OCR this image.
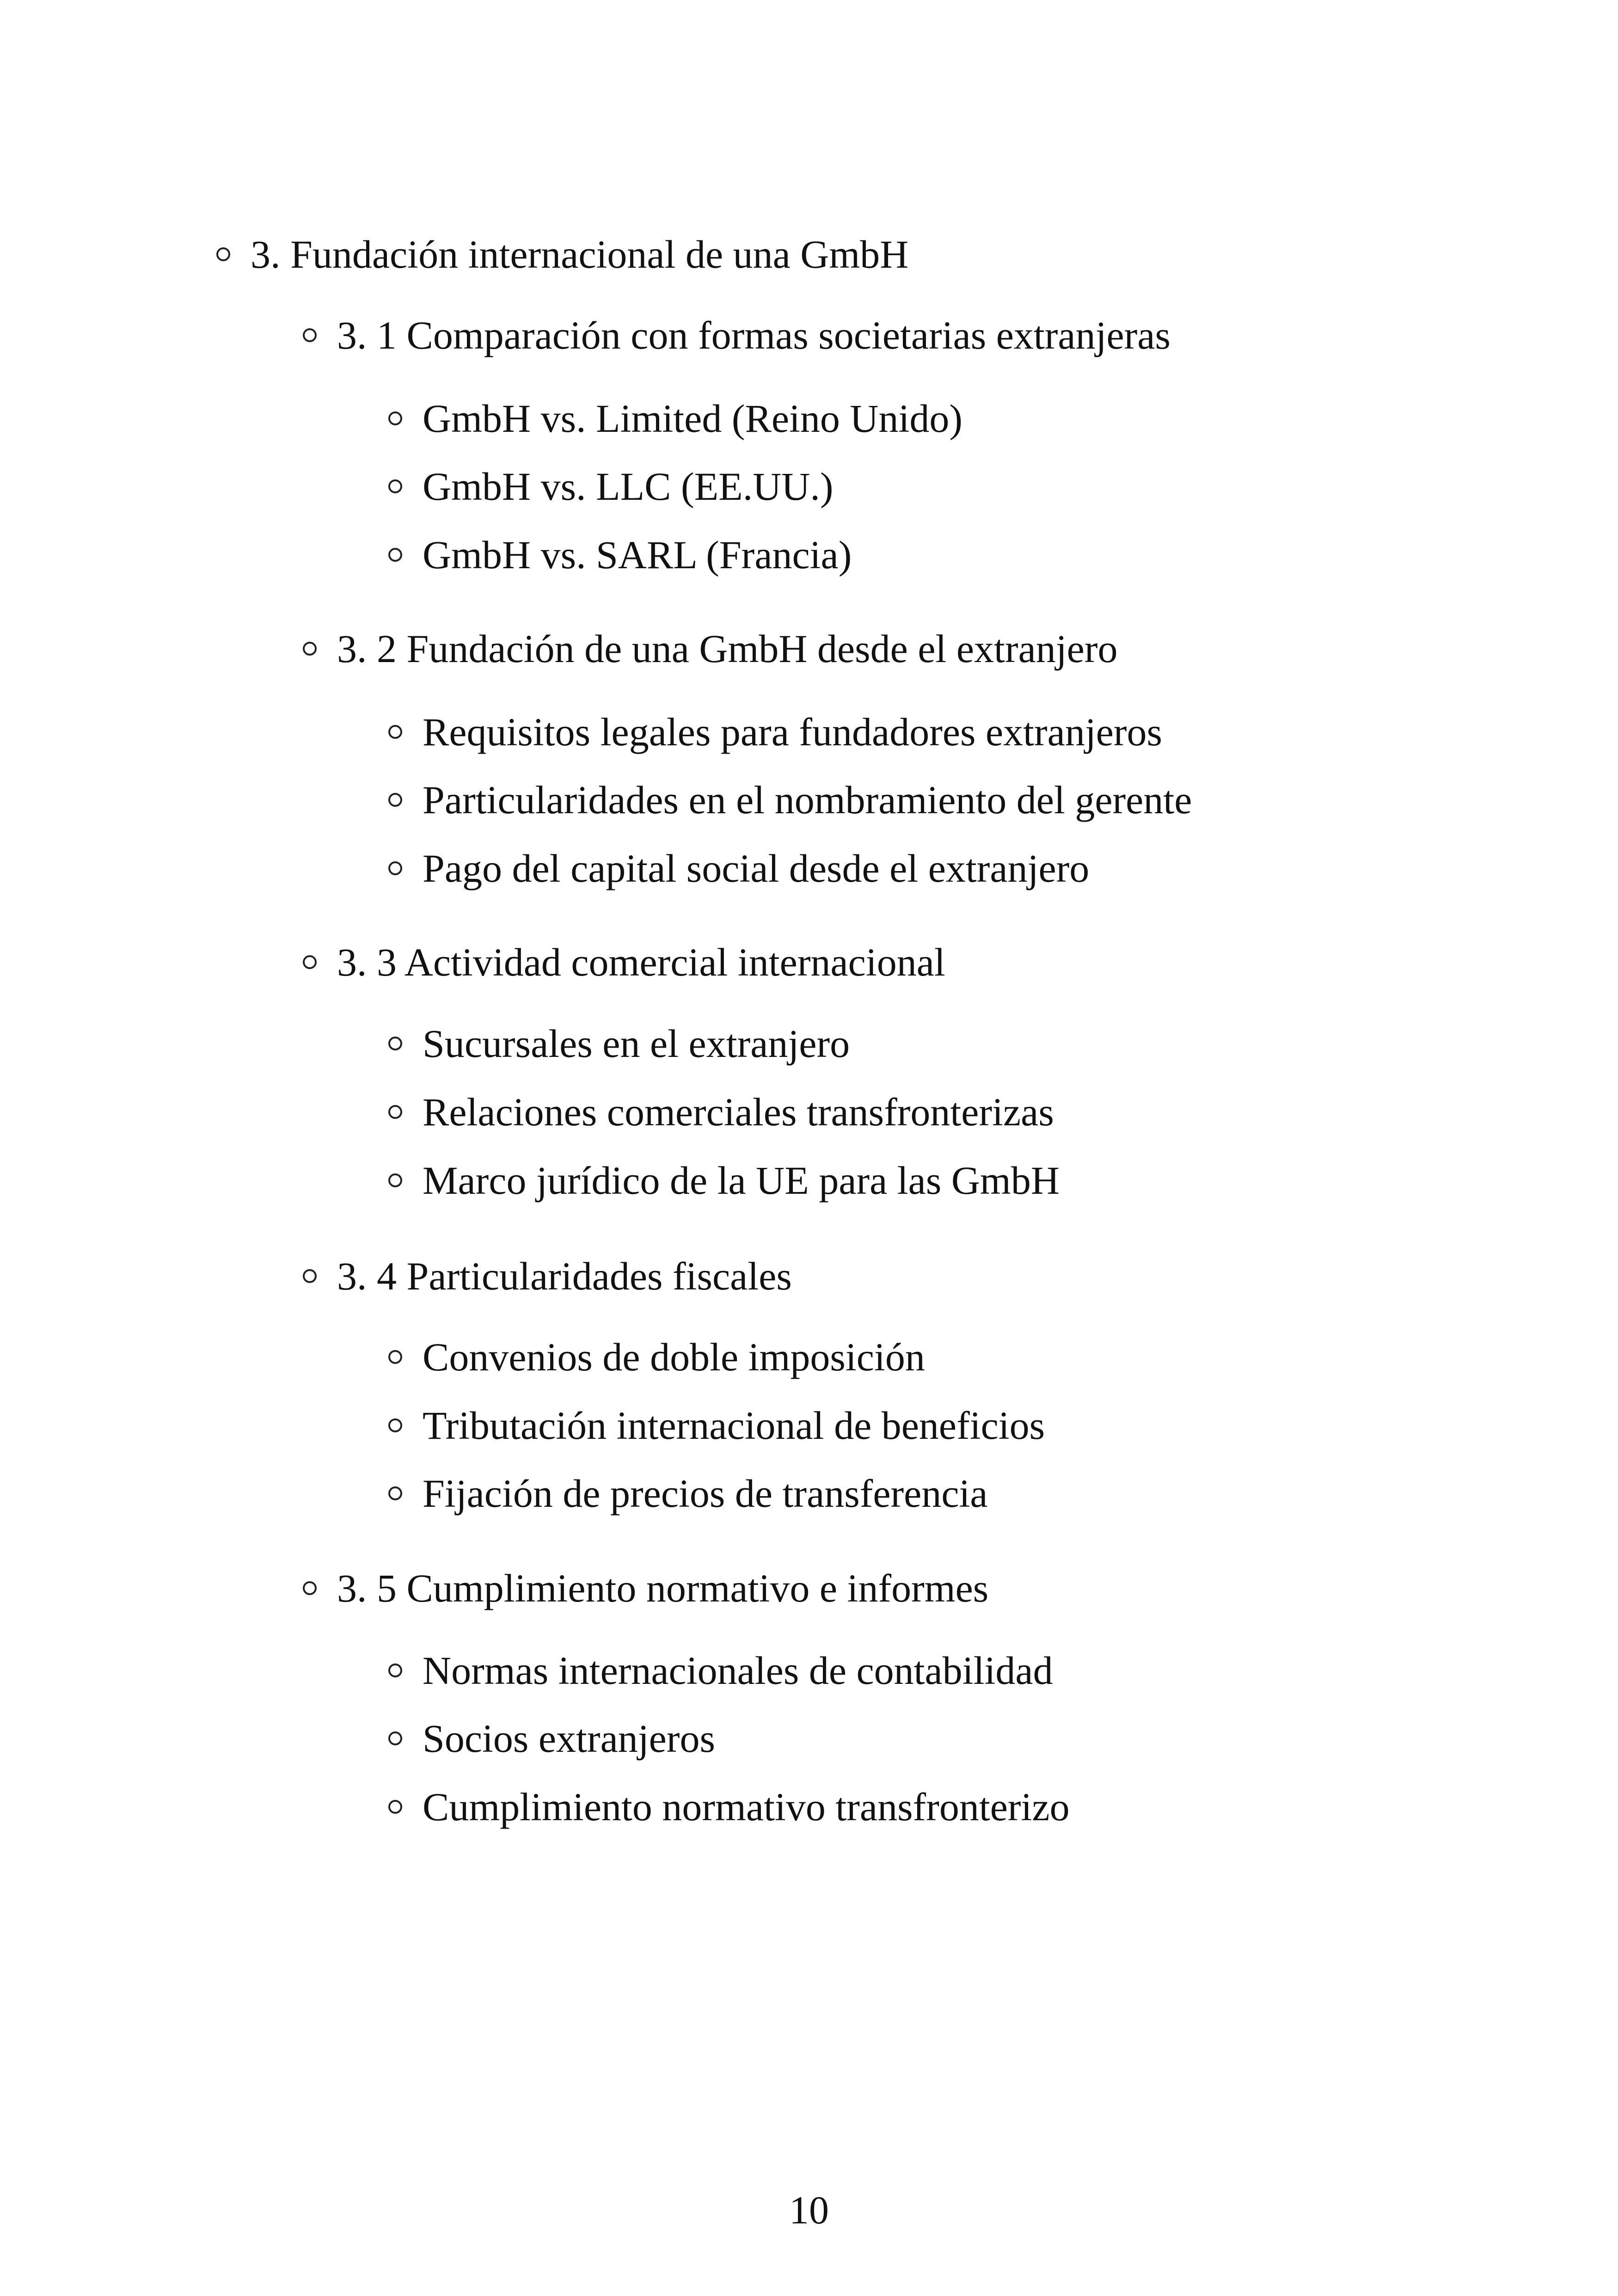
3. Fundación internacional de una GmbH
3. 1 Comparación con formas societarias extranjeras
GmbH vs. Limited (Reino Unido)
GmbH vs. LLC (EE.UU.)
GmbH vs. SARL (Francia)
3. 2 Fundación de una GmbH desde el extranjero
Requisitos legales para fundadores extranjeros
Particularidades en el nombramiento del gerente
Pago del capital social desde el extranjero
3. 3 Actividad comercial internacional
Sucursales en el extranjero
Relaciones comerciales transfronterizas
Marco jurídico de la UE para las GmbH
3. 4 Particularidades fiscales
Convenios de doble imposición
Tributación internacional de beneficios
Fijación de precios de transferencia
3. 5 Cumplimiento normativo e informes
Normas internacionales de contabilidad
Socios extranjeros
Cumplimiento normativo transfronterizo
10
